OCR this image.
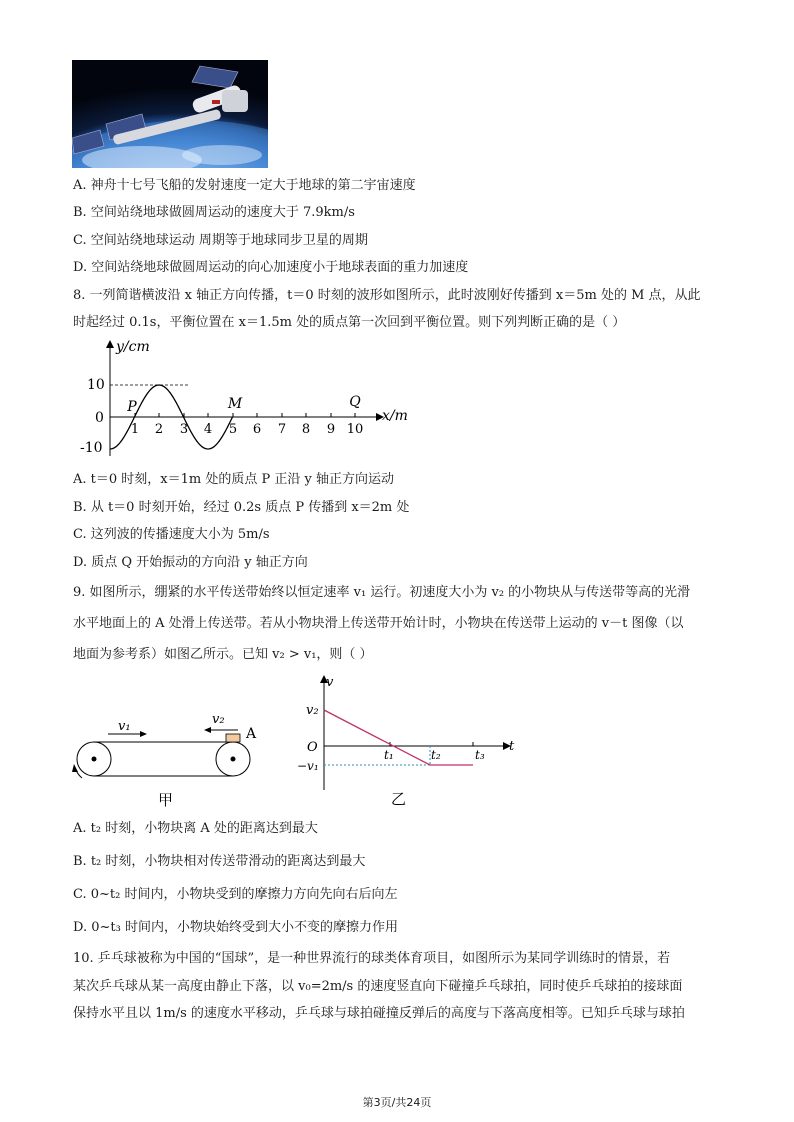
A. 神舟十七号飞船的发射速度一定大于地球的第二宇宙速度
B. 空间站绕地球做圆周运动的速度大于 7.9km/s
C. 空间站绕地球运动 周期等于地球同步卫星的周期
D. 空间站绕地球做圆周运动的向心加速度小于地球表面的重力加速度
8. 一列简谐横波沿 x 轴正方向传播，t＝0 时刻的波形如图所示，此时波刚好传播到 x＝5m 处的 M 点，从此
时起经过 0.1s，平衡位置在 x＝1.5m 处的质点第一次回到平衡位置。则下列判断正确的是（ ）
y/cm
x/m
10
0
-10
1 2 3 4 5 6 7 8 9 10
P	M	Q
A. t＝0 时刻，x＝1m 处的质点 P 正沿 y 轴正方向运动
B. 从 t＝0 时刻开始，经过 0.2s 质点 P 传播到 x＝2m 处
C. 这列波的传播速度大小为 5m/s
D. 质点 Q 开始振动的方向沿 y 轴正方向
9. 如图所示，绷紧的水平传送带始终以恒定速率 v₁ 运行。初速度大小为 v₂ 的小物块从与传送带等高的光滑
水平地面上的 A 处滑上传送带。若从小物块滑上传送带开始计时，小物块在传送带上运动的 v－t 图像（以
地面为参考系）如图乙所示。已知 v₂ > v₁，则（ ）
v₁	v₂
A
甲
v
t
O
v₂
−v₁
t₁	t₂	t₃
乙
A. t₂ 时刻，小物块离 A 处的距离达到最大
B. t₂ 时刻，小物块相对传送带滑动的距离达到最大
C. 0~t₂ 时间内，小物块受到的摩擦力方向先向右后向左
D. 0~t₃ 时间内，小物块始终受到大小不变的摩擦力作用
10. 乒乓球被称为中国的“国球”，是一种世界流行的球类体育项目，如图所示为某同学训练时的情景，若
某次乒乓球从某一高度由静止下落，以 v₀=2m/s 的速度竖直向下碰撞乒乓球拍，同时使乒乓球拍的接球面
保持水平且以 1m/s 的速度水平移动，乒乓球与球拍碰撞反弹后的高度与下落高度相等。已知乒乓球与球拍
第3页/共24页
